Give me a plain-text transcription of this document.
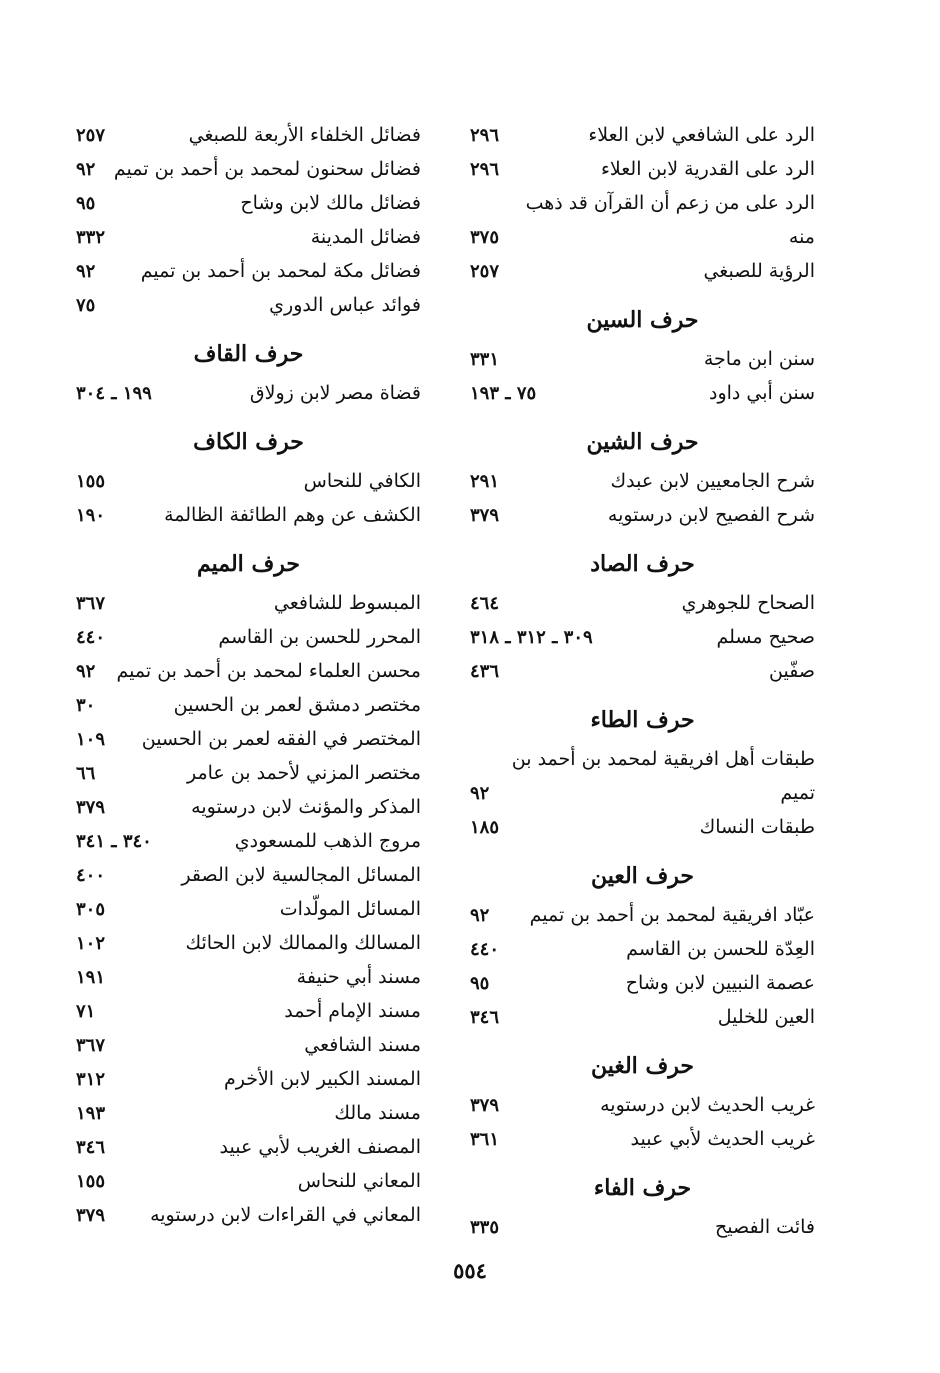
الرد على الشافعي لابن العلاء
٢٩٦
الرد على القدرية لابن العلاء
٢٩٦
الرد على من زعم أن القرآن قد ذهب
منه
٣٧٥
الرؤية للصبغي
٢٥٧
حرف السين
سنن ابن ماجة
٣٣١
سنن أبي داود
٧٥ ـ ١٩٣
حرف الشين
شرح الجامعيين لابن عبدك
٢٩١
شرح الفصيح لابن درستويه
٣٧٩
حرف الصاد
الصحاح للجوهري
٤٦٤
صحيح مسلم
٣٠٩ ـ ٣١٢ ـ ٣١٨
صفّين
٤٣٦
حرف الطاء
طبقات أهل افريقية لمحمد بن أحمد بن
تميم
٩٢
طبقات النساك
١٨٥
حرف العين
عبّاد افريقية لمحمد بن أحمد بن تميم
٩٢
العِدّة للحسن بن القاسم
٤٤٠
عصمة النبيين لابن وشاح
٩٥
العين للخليل
٣٤٦
حرف الغين
غريب الحديث لابن درستويه
٣٧٩
غريب الحديث لأبي عبيد
٣٦١
حرف الفاء
فائت الفصيح
٣٣٥
فضائل الخلفاء الأربعة للصبغي
٢٥٧
فضائل سحنون لمحمد بن أحمد بن تميم
٩٢
فضائل مالك لابن وشاح
٩٥
فضائل المدينة
٣٣٢
فضائل مكة لمحمد بن أحمد بن تميم
٩٢
فوائد عباس الدوري
٧٥
حرف القاف
قضاة مصر لابن زولاق
١٩٩ ـ ٣٠٤
حرف الكاف
الكافي للنحاس
١٥٥
الكشف عن وهم الطائفة الظالمة
١٩٠
حرف الميم
المبسوط للشافعي
٣٦٧
المحرر للحسن بن القاسم
٤٤٠
محسن العلماء لمحمد بن أحمد بن تميم
٩٢
مختصر دمشق لعمر بن الحسين
٣٠
المختصر في الفقه لعمر بن الحسين
١٠٩
مختصر المزني لأحمد بن عامر
٦٦
المذكر والمؤنث لابن درستويه
٣٧٩
مروج الذهب للمسعودي
٣٤٠ ـ ٣٤١
المسائل المجالسية لابن الصقر
٤٠٠
المسائل المولّدات
٣٠٥
المسالك والممالك لابن الحائك
١٠٢
مسند أبي حنيفة
١٩١
مسند الإمام أحمد
٧١
مسند الشافعي
٣٦٧
المسند الكبير لابن الأخرم
٣١٢
مسند مالك
١٩٣
المصنف الغريب لأبي عبيد
٣٤٦
المعاني للنحاس
١٥٥
المعاني في القراءات لابن درستويه
٣٧٩
٥٥٤
